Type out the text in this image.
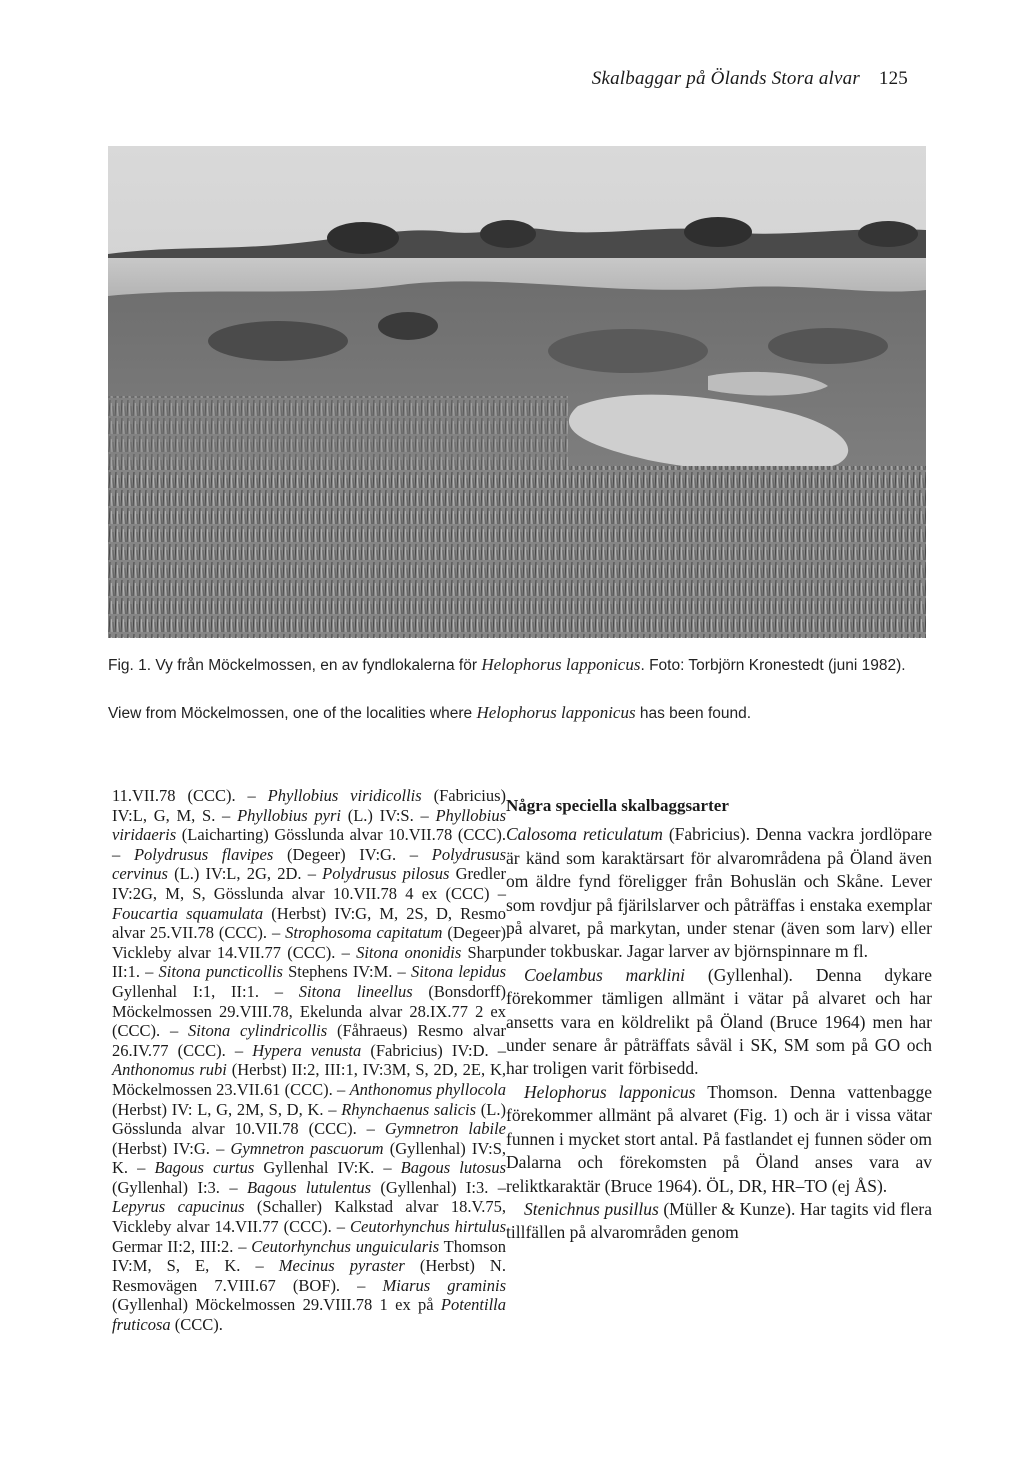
Skalbaggar på Ölands Stora alvar 125
Fig. 1. Vy från Möckelmossen, en av fyndlokalerna för Helophorus lapponicus. Foto: Torbjörn Kronestedt (juni 1982).
View from Möckelmossen, one of the localities where Helophorus lapponicus has been found.

11.VII.78 (CCC). – Phyllobius viridicollis (Fabricius) IV:L, G, M, S. – Phyllobius pyri (L.) IV:S. – Phyllobius viridaeris (Laicharting) Gösslunda alvar 10.VII.78 (CCC). – Polydrusus flavipes (Degeer) IV:G. – Polydrusus cervinus (L.) IV:L, 2G, 2D. – Polydrusus pilosus Gredler IV:2G, M, S, Gösslunda alvar 10.VII.78 4 ex (CCC) – Foucartia squamulata (Herbst) IV:G, M, 2S, D, Resmo alvar 25.VII.78 (CCC). – Strophosoma capitatum (Degeer) Vickleby alvar 14.VII.77 (CCC). – Sitona ononidis Sharp II:1. – Sitona puncticollis Stephens IV:M. – Sitona lepidus Gyllenhal I:1, II:1. – Sitona lineellus (Bonsdorff) Möckelmossen 29.VIII.78, Ekelunda alvar 28.IX.77 2 ex (CCC). – Sitona cylindricollis (Fåhraeus) Resmo alvar 26.IV.77 (CCC). – Hypera venusta (Fabricius) IV:D. – Anthonomus rubi (Herbst) II:2, III:1, IV:3M, S, 2D, 2E, K, Möckelmossen 23.VII.61 (CCC). – Anthonomus phyllocola (Herbst) IV: L, G, 2M, S, D, K. – Rhynchaenus salicis (L.) Gösslunda alvar 10.VII.78 (CCC). – Gymnetron labile (Herbst) IV:G. – Gymnetron pascuorum (Gyllenhal) IV:S, K. – Bagous curtus Gyllenhal IV:K. – Bagous lutosus (Gyllenhal) I:3. – Bagous lutulentus (Gyllenhal) I:3. – Lepyrus capucinus (Schaller) Kalkstad alvar 18.V.75, Vickleby alvar 14.VII.77 (CCC). – Ceutorhynchus hirtulus Germar II:2, III:2. – Ceutorhynchus unguicularis Thomson IV:M, S, E, K. – Mecinus pyraster (Herbst) N. Resmovägen 7.VIII.67 (BOF). – Miarus graminis (Gyllenhal) Möckelmossen 29.VIII.78 1 ex på Potentilla fruticosa (CCC).

Några speciella skalbaggsarter

Calosoma reticulatum (Fabricius). Denna vackra jordlöpare är känd som karaktärsart för alvarområdena på Öland även om äldre fynd föreligger från Bohuslän och Skåne. Lever som rovdjur på fjärilslarver och påträffas i enstaka exemplar på alvaret, på markytan, under stenar (även som larv) eller under tokbuskar. Jagar larver av björnspinnare m fl.

Coelambus marklini (Gyllenhal). Denna dykare förekommer tämligen allmänt i vätar på alvaret och har ansetts vara en köldrelikt på Öland (Bruce 1964) men har under senare år påträffats såväl i SK, SM som på GO och har troligen varit förbisedd.

Helophorus lapponicus Thomson. Denna vattenbagge förekommer allmänt på alvaret (Fig. 1) och är i vissa vätar funnen i mycket stort antal. På fastlandet ej funnen söder om Dalarna och förekomsten på Öland anses vara av reliktkaraktär (Bruce 1964). ÖL, DR, HR–TO (ej ÅS).

Stenichnus pusillus (Müller & Kunze). Har tagits vid flera tillfällen på alvarområden genom
